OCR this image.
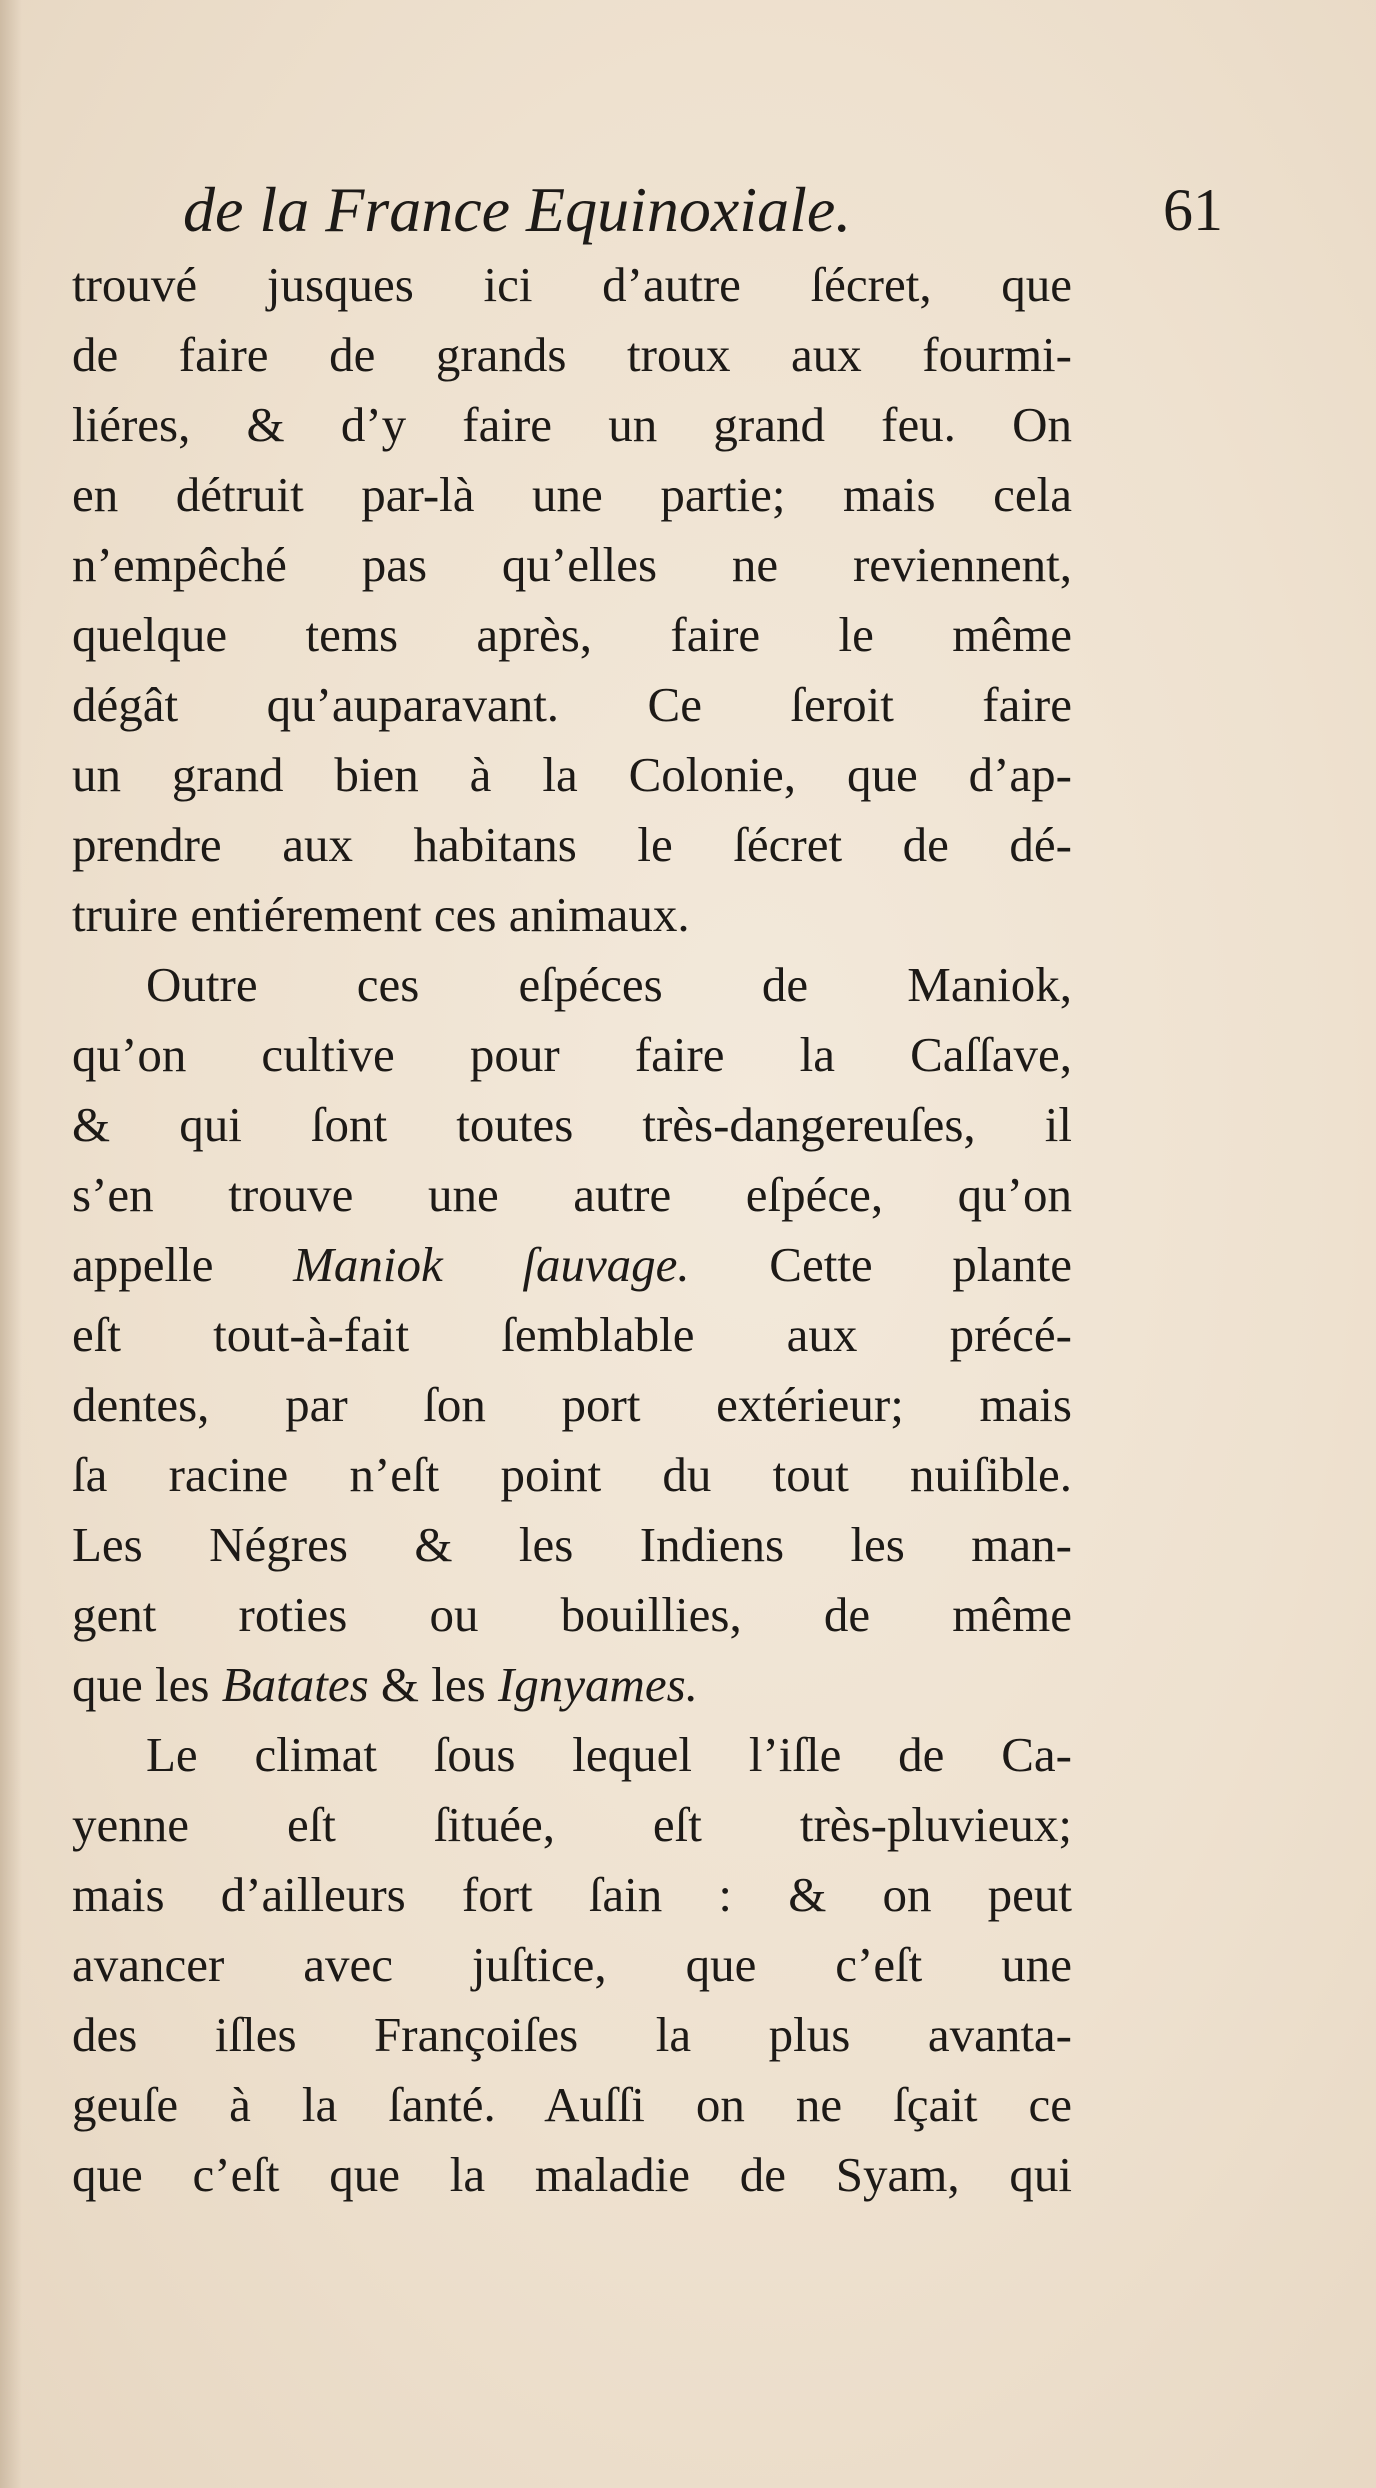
de la France Equinoxiale.	61
trouvé jusques ici d’autre ſécret, que
de faire de grands troux aux fourmi-
liéres, & d’y faire un grand feu. On
en détruit par-là une partie; mais cela
n’empêché pas qu’elles ne reviennent,
quelque tems après, faire le même
dégât qu’auparavant. Ce ſeroit faire
un grand bien à la Colonie, que d’ap-
prendre aux habitans le ſécret de dé-
truire entiérement ces animaux.
Outre ces eſpéces de Maniok,
qu’on cultive pour faire la Caſſave,
& qui ſont toutes très-dangereuſes, il
s’en trouve une autre eſpéce, qu’on
appelle Maniok ſauvage. Cette plante
eſt tout-à-fait ſemblable aux précé-
dentes, par ſon port extérieur; mais
ſa racine n’eſt point du tout nuiſible.
Les Négres & les Indiens les man-
gent roties ou bouillies, de même
que les Batates & les Ignyames.
Le climat ſous lequel l’iſle de Ca-
yenne eſt ſituée, eſt très-pluvieux;
mais d’ailleurs fort ſain : & on peut
avancer avec juſtice, que c’eſt une
des iſles Françoiſes la plus avanta-
geuſe à la ſanté. Auſſi on ne ſçait ce
que c’eſt que la maladie de Syam, qui
